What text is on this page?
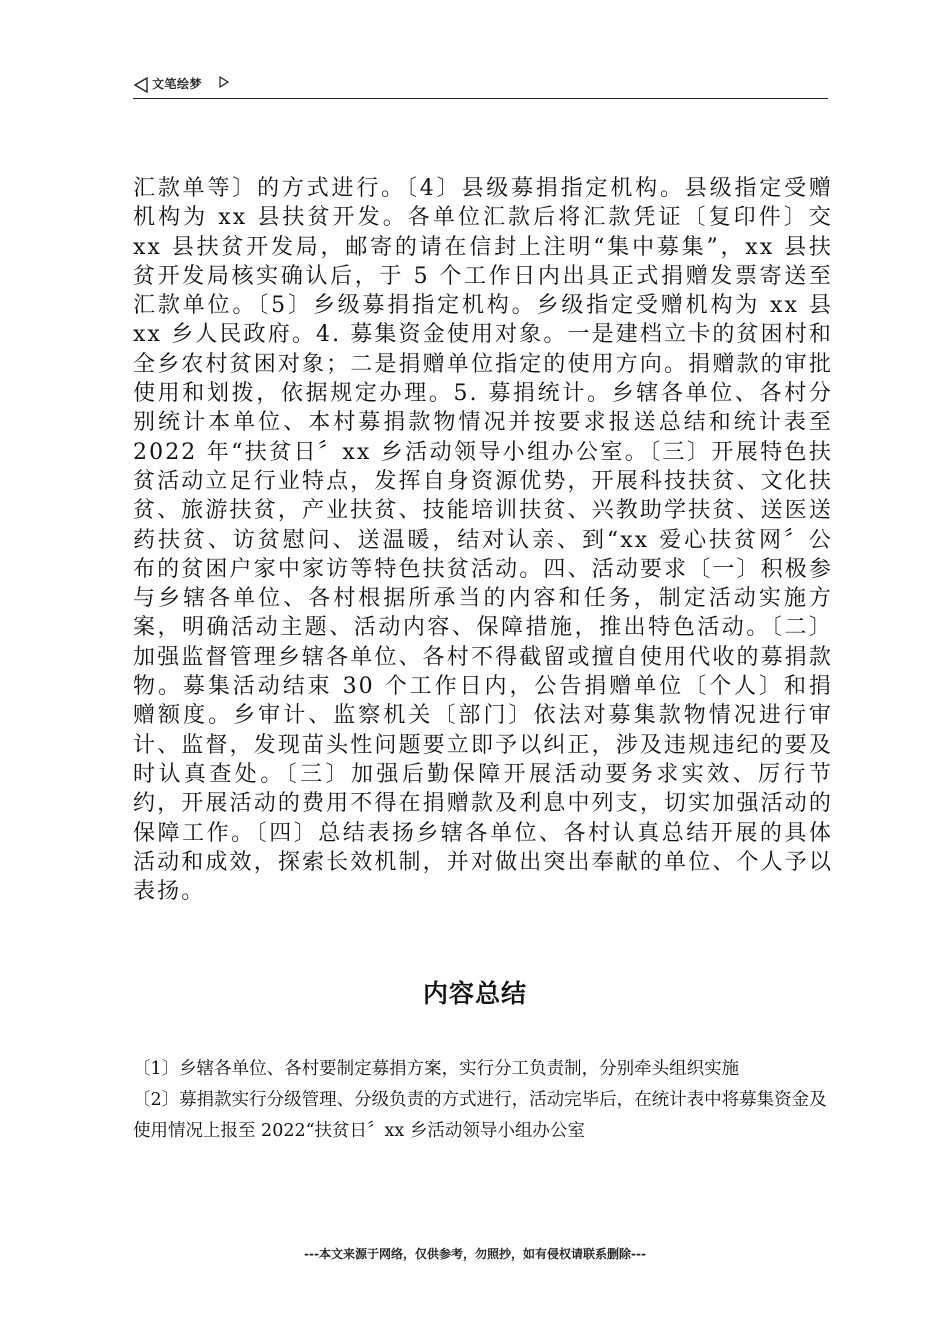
文笔绘梦

汇款单等〕的方式进行。〔4〕县级募捐指定机构。县级指定受赠机构为 xx 县扶贫开发。各单位汇款后将汇款凭证〔复印件〕交 xx 县扶贫开发局，邮寄的请在信封上注明“集中募集”，xx 县扶贫开发局核实确认后，于 5 个工作日内出具正式捐赠发票寄送至汇款单位。〔5〕乡级募捐指定机构。乡级指定受赠机构为 xx 县 xx 乡人民政府。4. 募集资金使用对象。一是建档立卡的贫困村和全乡农村贫困对象；二是捐赠单位指定的使用方向。捐赠款的审批使用和划拨，依据规定办理。5. 募捐统计。乡辖各单位、各村分别统计本单位、本村募捐款物情况并按要求报送总结和统计表至 2022 年“扶贫日〞xx 乡活动领导小组办公室。〔三〕开展特色扶贫活动立足行业特点，发挥自身资源优势，开展科技扶贫、文化扶贫、旅游扶贫，产业扶贫、技能培训扶贫、兴教助学扶贫、送医送药扶贫、访贫慰问、送温暖，结对认亲、到“xx 爱心扶贫网〞公布的贫困户家中家访等特色扶贫活动。四、活动要求〔一〕积极参与乡辖各单位、各村根据所承当的内容和任务，制定活动实施方案，明确活动主题、活动内容、保障措施，推出特色活动。〔二〕加强监督管理乡辖各单位、各村不得截留或擅自使用代收的募捐款物。募集活动结束 30 个工作日内，公告捐赠单位〔个人〕和捐赠额度。乡审计、监察机关〔部门〕依法对募集款物情况进行审计、监督，发现苗头性问题要立即予以纠正，涉及违规违纪的要及时认真查处。〔三〕加强后勤保障开展活动要务求实效、厉行节约，开展活动的费用不得在捐赠款及利息中列支，切实加强活动的保障工作。〔四〕总结表扬乡辖各单位、各村认真总结开展的具体活动和成效，探索长效机制，并对做出突出奉献的单位、个人予以表扬。

内容总结
〔1〕乡辖各单位、各村要制定募捐方案，实行分工负责制，分别牵头组织实施
〔2〕募捐款实行分级管理、分级负责的方式进行，活动完毕后，在统计表中将募集资金及使用情况上报至 2022“扶贫日〞xx 乡活动领导小组办公室
---本文来源于网络，仅供参考，勿照抄，如有侵权请联系删除---
